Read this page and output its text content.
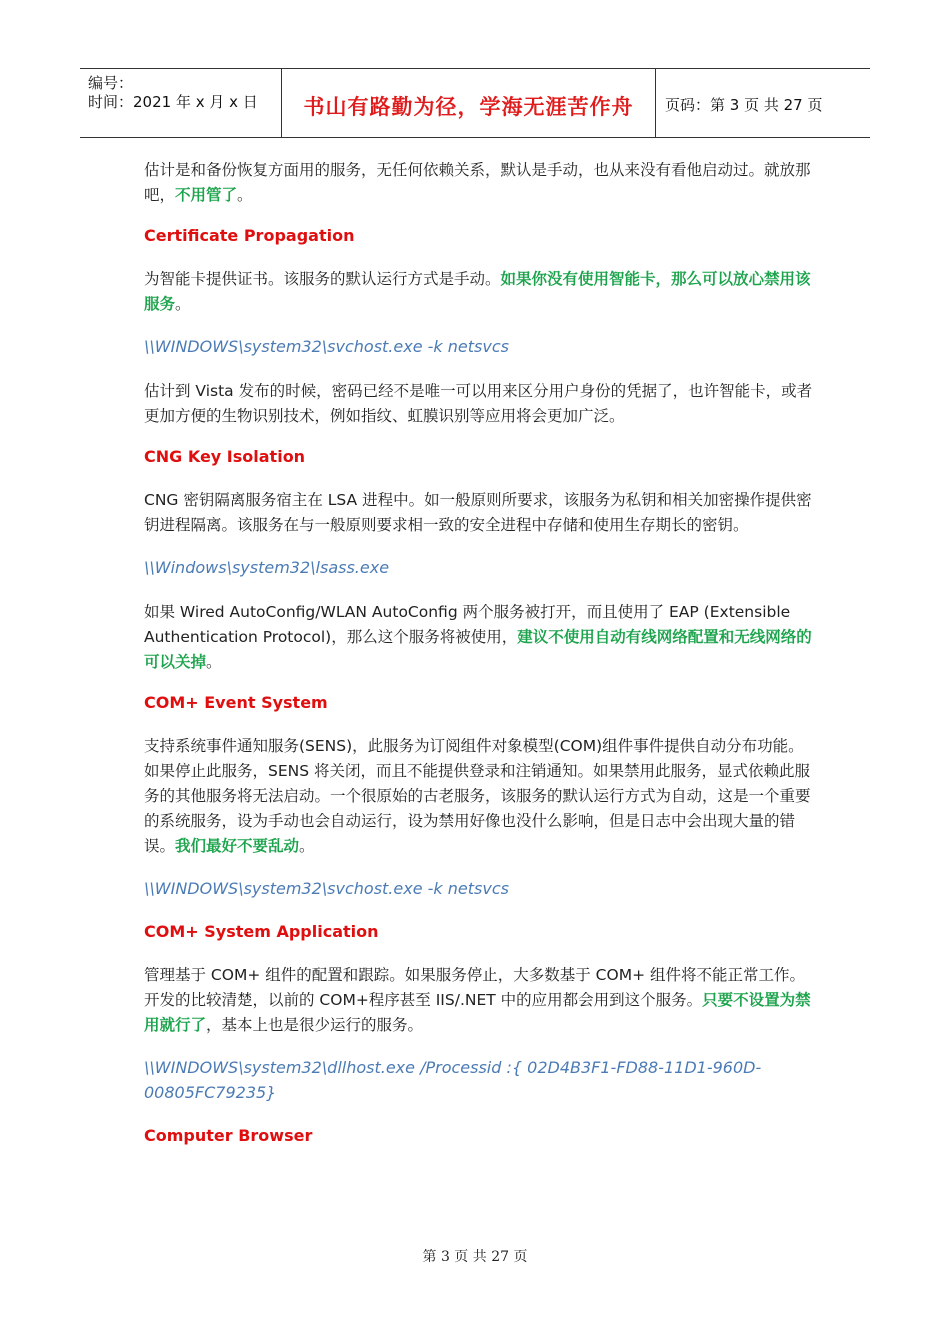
编号：
时间：2021 年 x 月 x 日	书山有路勤为径，学海无涯苦作舟	页码：第 3 页 共 27 页

估计是和备份恢复方面用的服务，无任何依赖关系，默认是手动，也从来没有看他启动过。就放那吧，不用管了。

Certificate Propagation

为智能卡提供证书。该服务的默认运行方式是手动。如果你没有使用智能卡，那么可以放心禁用该服务。

\\WINDOWS\system32\svchost.exe -k netsvcs

估计到 Vista 发布的时候，密码已经不是唯一可以用来区分用户身份的凭据了，也许智能卡，或者更加方便的生物识别技术，例如指纹、虹膜识别等应用将会更加广泛。

CNG Key Isolation

CNG 密钥隔离服务宿主在 LSA 进程中。如一般原则所要求，该服务为私钥和相关加密操作提供密钥进程隔离。该服务在与一般原则要求相一致的安全进程中存储和使用生存期长的密钥。

\\Windows\system32\lsass.exe

如果 Wired AutoConfig/WLAN AutoConfig 两个服务被打开，而且使用了 EAP (Extensible Authentication Protocol)，那么这个服务将被使用，建议不使用自动有线网络配置和无线网络的可以关掉。

COM+ Event System

支持系统事件通知服务(SENS)，此服务为订阅组件对象模型(COM)组件事件提供自动分布功能。如果停止此服务，SENS 将关闭，而且不能提供登录和注销通知。如果禁用此服务，显式依赖此服务的其他服务将无法启动。一个很原始的古老服务，该服务的默认运行方式为自动，这是一个重要的系统服务，设为手动也会自动运行，设为禁用好像也没什么影响，但是日志中会出现大量的错误。我们最好不要乱动。

\\WINDOWS\system32\svchost.exe -k netsvcs
COM+ System Application

管理基于 COM+ 组件的配置和跟踪。如果服务停止，大多数基于 COM+ 组件将不能正常工作。开发的比较清楚，以前的 COM+程序甚至 IIS/.NET 中的应用都会用到这个服务。只要不设置为禁用就行了，基本上也是很少运行的服务。

\\WINDOWS\system32\dllhost.exe /Processid :{ 02D4B3F1-FD88-11D1-960D-00805FC79235}
Computer Browser
第 3 页 共 27 页
